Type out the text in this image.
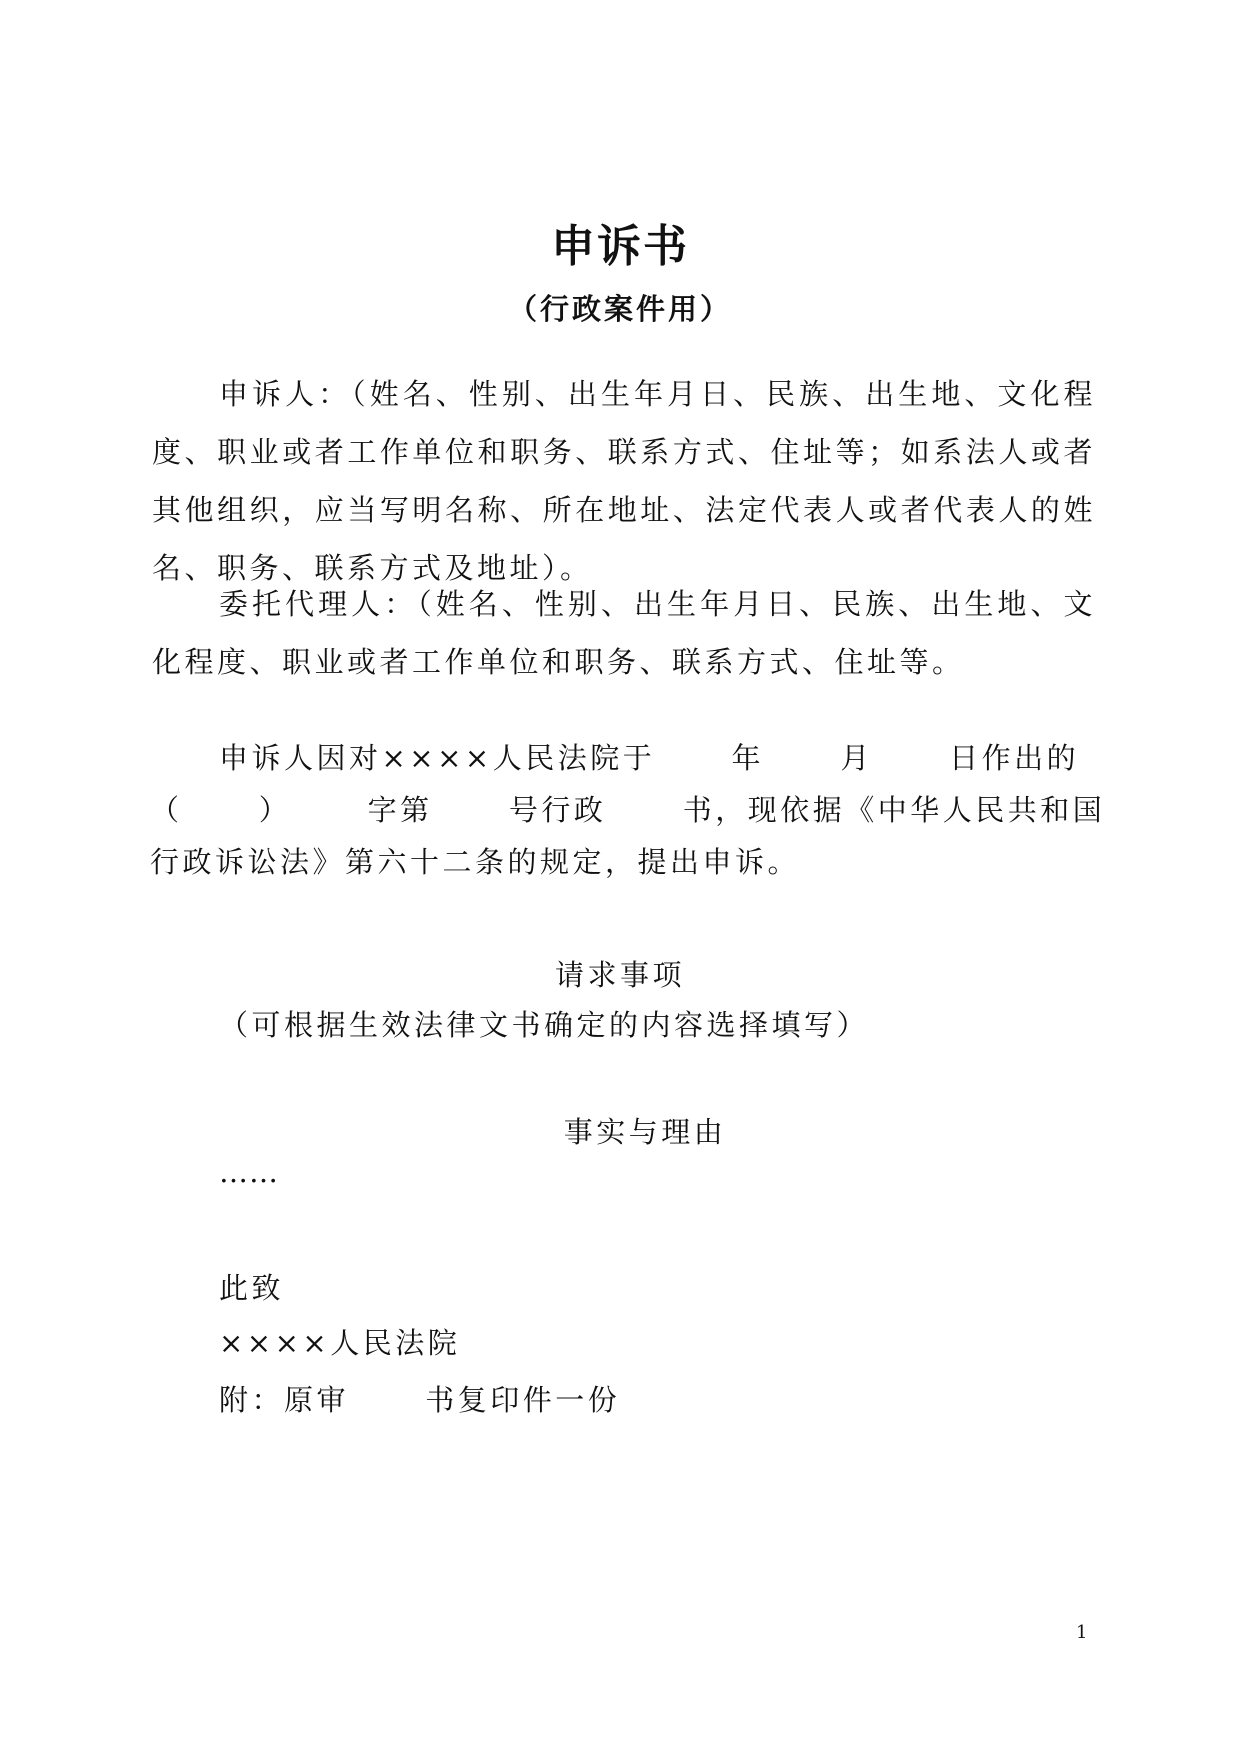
申诉书
（行政案件用）

申诉人：（姓名、性别、出生年月日、民族、出生地、文化程度、职业或者工作单位和职务、联系方式、住址等；如系法人或者其他组织，应当写明名称、所在地址、法定代表人或者代表人的姓名、职务、联系方式及地址）。

委托代理人：（姓名、性别、出生年月日、民族、出生地、文化程度、职业或者工作单位和职务、联系方式、住址等。

申诉人因对××××人民法院于      年      月      日作出的

（      ）      字第      号行政      书，现依据《中华人民共和国

行政诉讼法》第六十二条的规定，提出申诉。

请求事项

（可根据生效法律文书确定的内容选择填写）

事实与理由

……

此致

××××人民法院

附：原审      书复印件一份

1
